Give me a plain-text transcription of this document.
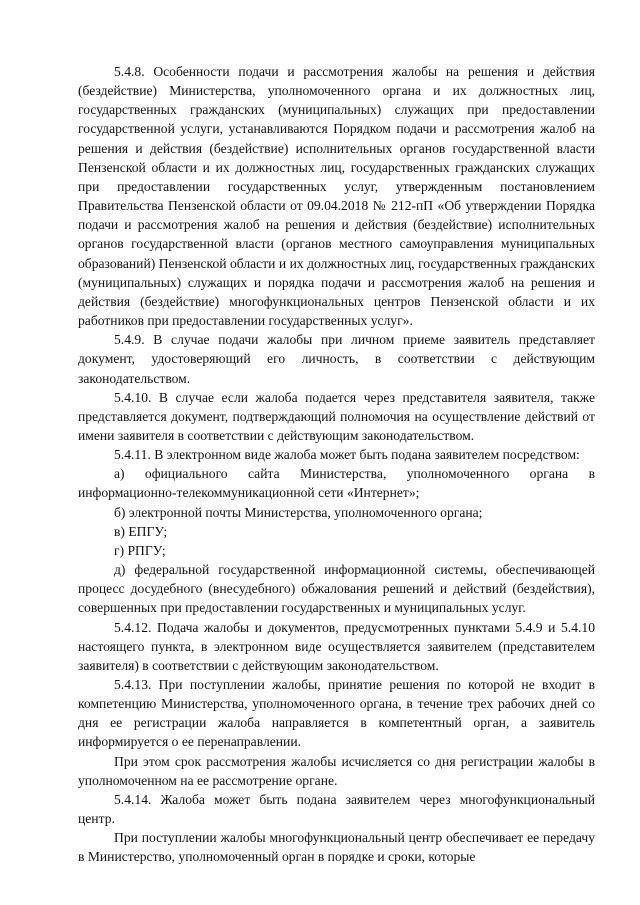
5.4.8. Особенности подачи и рассмотрения жалобы на решения и действия (бездействие) Министерства, уполномоченного органа и их должностных лиц, государственных гражданских (муниципальных) служащих при предоставлении государственной услуги, устанавливаются Порядком подачи и рассмотрения жалоб на решения и действия (бездействие) исполнительных органов государственной власти Пензенской области и их должностных лиц, государственных гражданских служащих при предоставлении государственных услуг, утвержденным постановлением Правительства Пензенской области от 09.04.2018 № 212-пП «Об утверждении Порядка подачи и рассмотрения жалоб на решения и действия (бездействие) исполнительных органов государственной власти (органов местного самоуправления муниципальных образований) Пензенской области и их должностных лиц, государственных гражданских (муниципальных) служащих и порядка подачи и рассмотрения жалоб на решения и действия (бездействие) многофункциональных центров Пензенской области и их работников при предоставлении государственных услуг».

5.4.9. В случае подачи жалобы при личном приеме заявитель представляет документ, удостоверяющий его личность, в соответствии с действующим законодательством.

5.4.10. В случае если жалоба подается через представителя заявителя, также представляется документ, подтверждающий полномочия на осуществление действий от имени заявителя в соответствии с действующим законодательством.

5.4.11. В электронном виде жалоба может быть подана заявителем посредством:

а) официального сайта Министерства, уполномоченного органа в информационно-телекоммуникационной сети «Интернет»;

б) электронной почты Министерства, уполномоченного органа;

в) ЕПГУ;

г) РПГУ;

д) федеральной государственной информационной системы, обеспечивающей процесс досудебного (внесудебного) обжалования решений и действий (бездействия), совершенных при предоставлении государственных и муниципальных услуг.

5.4.12. Подача жалобы и документов, предусмотренных пунктами 5.4.9 и 5.4.10 настоящего пункта, в электронном виде осуществляется заявителем (представителем заявителя) в соответствии с действующим законодательством.

5.4.13. При поступлении жалобы, принятие решения по которой не входит в компетенцию Министерства, уполномоченного органа, в течение трех рабочих дней со дня ее регистрации жалоба направляется в компетентный орган, а заявитель информируется о ее перенаправлении.

При этом срок рассмотрения жалобы исчисляется со дня регистрации жалобы в уполномоченном на ее рассмотрение органе.

5.4.14. Жалоба может быть подана заявителем через многофункциональный центр.

При поступлении жалобы многофункциональный центр обеспечивает ее передачу в Министерство, уполномоченный орган в порядке и сроки, которые
